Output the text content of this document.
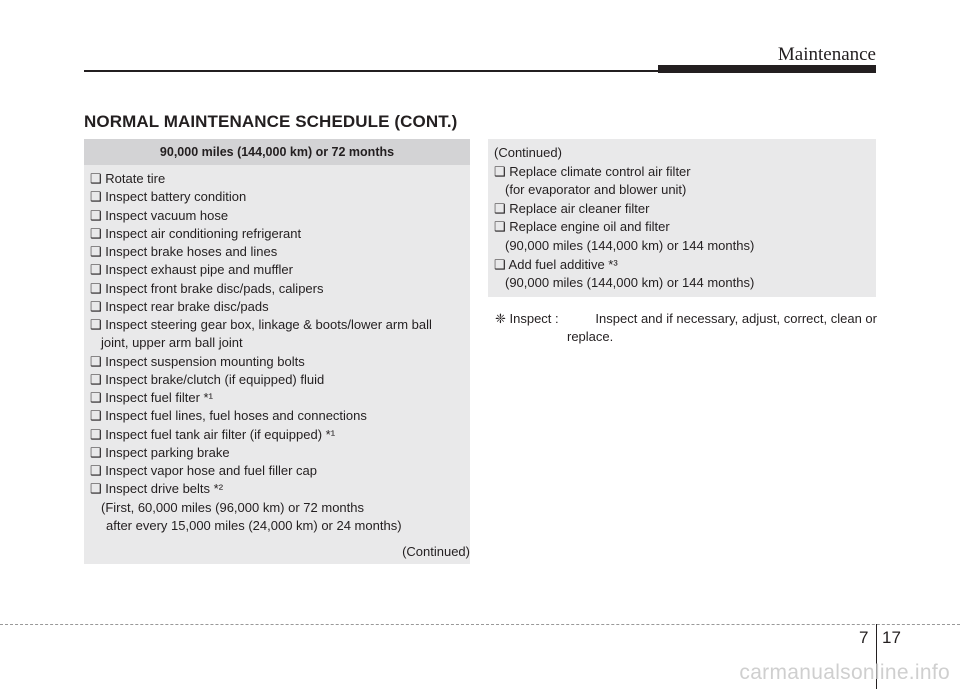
Maintenance
NORMAL MAINTENANCE SCHEDULE (CONT.)
90,000 miles (144,000 km) or 72 months
❑ Rotate tire
❑ Inspect battery condition
❑ Inspect vacuum hose
❑ Inspect air conditioning refrigerant
❑ Inspect brake hoses and lines
❑ Inspect exhaust pipe and muffler
❑ Inspect front brake disc/pads, calipers
❑ Inspect rear brake disc/pads
❑ Inspect steering gear box, linkage & boots/lower arm ball
joint, upper arm ball joint
❑ Inspect suspension mounting bolts
❑ Inspect brake/clutch (if equipped) fluid
❑ Inspect fuel filter *¹
❑ Inspect fuel lines, fuel hoses and connections
❑ Inspect fuel tank air filter (if equipped) *¹
❑ Inspect parking brake
❑ Inspect vapor hose and fuel filler cap
❑ Inspect drive belts *²
(First, 60,000 miles (96,000 km) or 72 months
after every 15,000 miles (24,000 km) or 24 months)
(Continued)
(Continued)
❑ Replace climate control air filter
(for evaporator and blower unit)
❑ Replace air cleaner filter
❑ Replace engine oil and filter
(90,000 miles (144,000 km) or 144 months)
❑ Add fuel additive *³
(90,000 miles (144,000 km) or 144 months)
❈ Inspect :	Inspect and if necessary, adjust, correct, clean or
replace.
7 17
carmanualsonline.info
